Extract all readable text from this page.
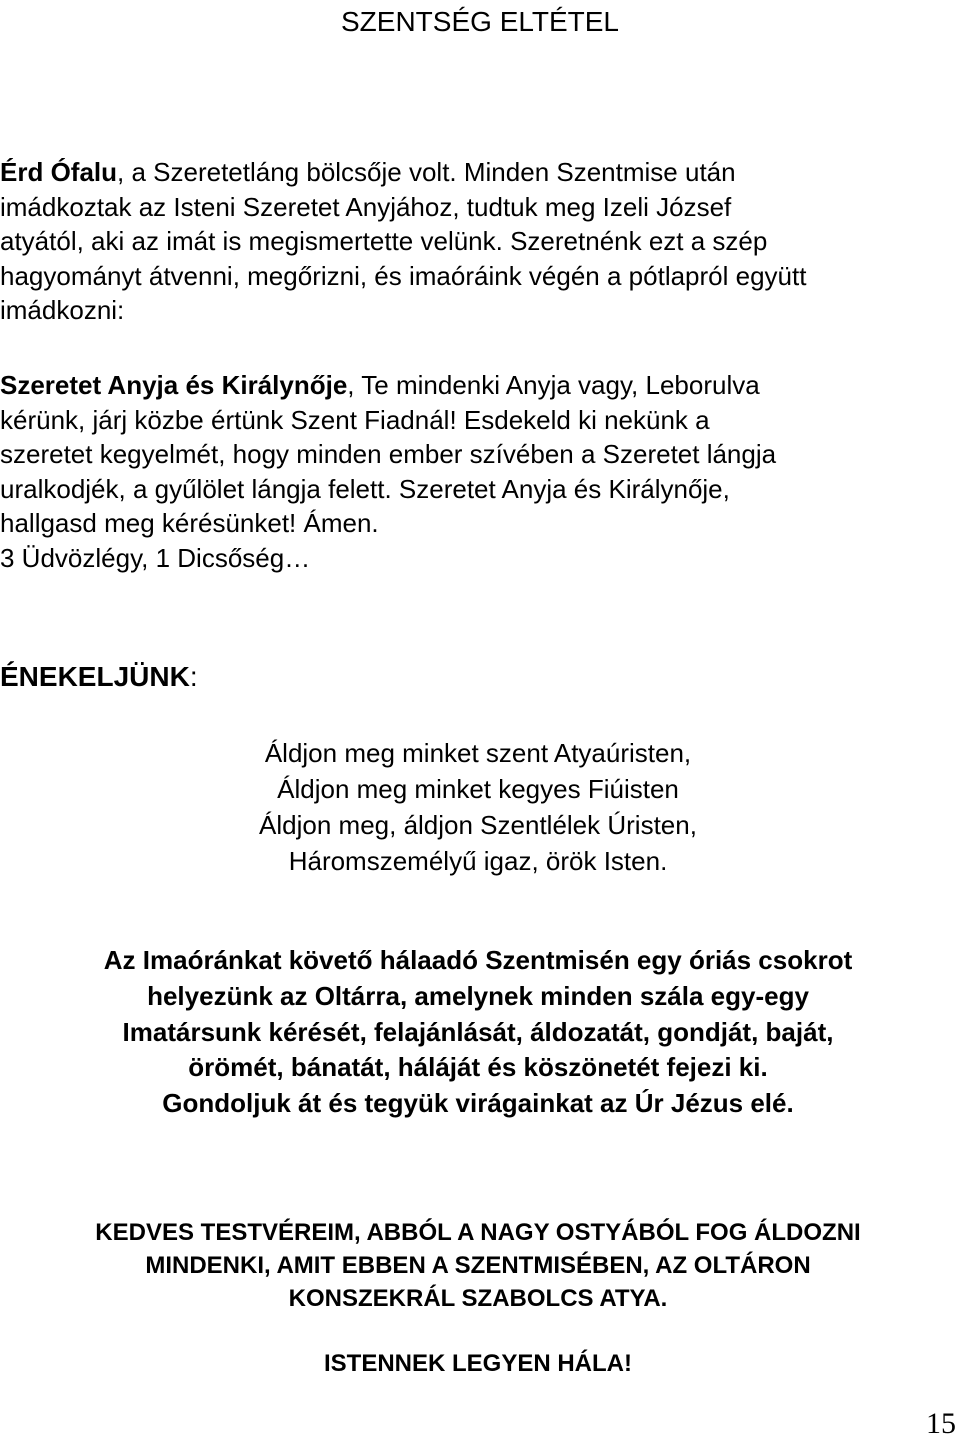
SZENTSÉG ELTÉTEL
Érd Ófalu, a Szeretetláng bölcsője volt. Minden Szentmise után
imádkoztak az Isteni Szeretet Anyjához, tudtuk meg Izeli József
atyától, aki az imát is megismertette velünk. Szeretnénk ezt a szép
hagyományt átvenni, megőrizni, és imaóráink végén a pótlapról együtt
imádkozni:
Szeretet Anyja és Királynője, Te mindenki Anyja vagy, Leborulva
kérünk, járj közbe értünk Szent Fiadnál! Esdekeld ki nekünk a
szeretet kegyelmét, hogy minden ember szívében a Szeretet lángja
uralkodjék, a gyűlölet lángja felett. Szeretet Anyja és Királynője,
hallgasd meg kérésünket! Ámen.
3 Üdvözlégy, 1 Dicsőség…
ÉNEKELJÜNK:
Áldjon meg minket szent Atyaúristen,
Áldjon meg minket kegyes Fiúisten
Áldjon meg, áldjon Szentlélek Úristen,
Háromszemélyű igaz, örök Isten.
Az Imaóránkat követő hálaadó Szentmisén egy óriás csokrot
helyezünk az Oltárra, amelynek minden szála egy-egy
Imatársunk kérését, felajánlását, áldozatát, gondját, baját,
örömét, bánatát, háláját és köszönetét fejezi ki.
Gondoljuk át és tegyük virágainkat az Úr Jézus elé.
KEDVES TESTVÉREIM, ABBÓL A NAGY OSTYÁBÓL FOG ÁLDOZNI
MINDENKI, AMIT EBBEN A SZENTMISÉBEN, AZ OLTÁRON
KONSZEKRÁL SZABOLCS ATYA.
ISTENNEK LEGYEN HÁLA!
15
